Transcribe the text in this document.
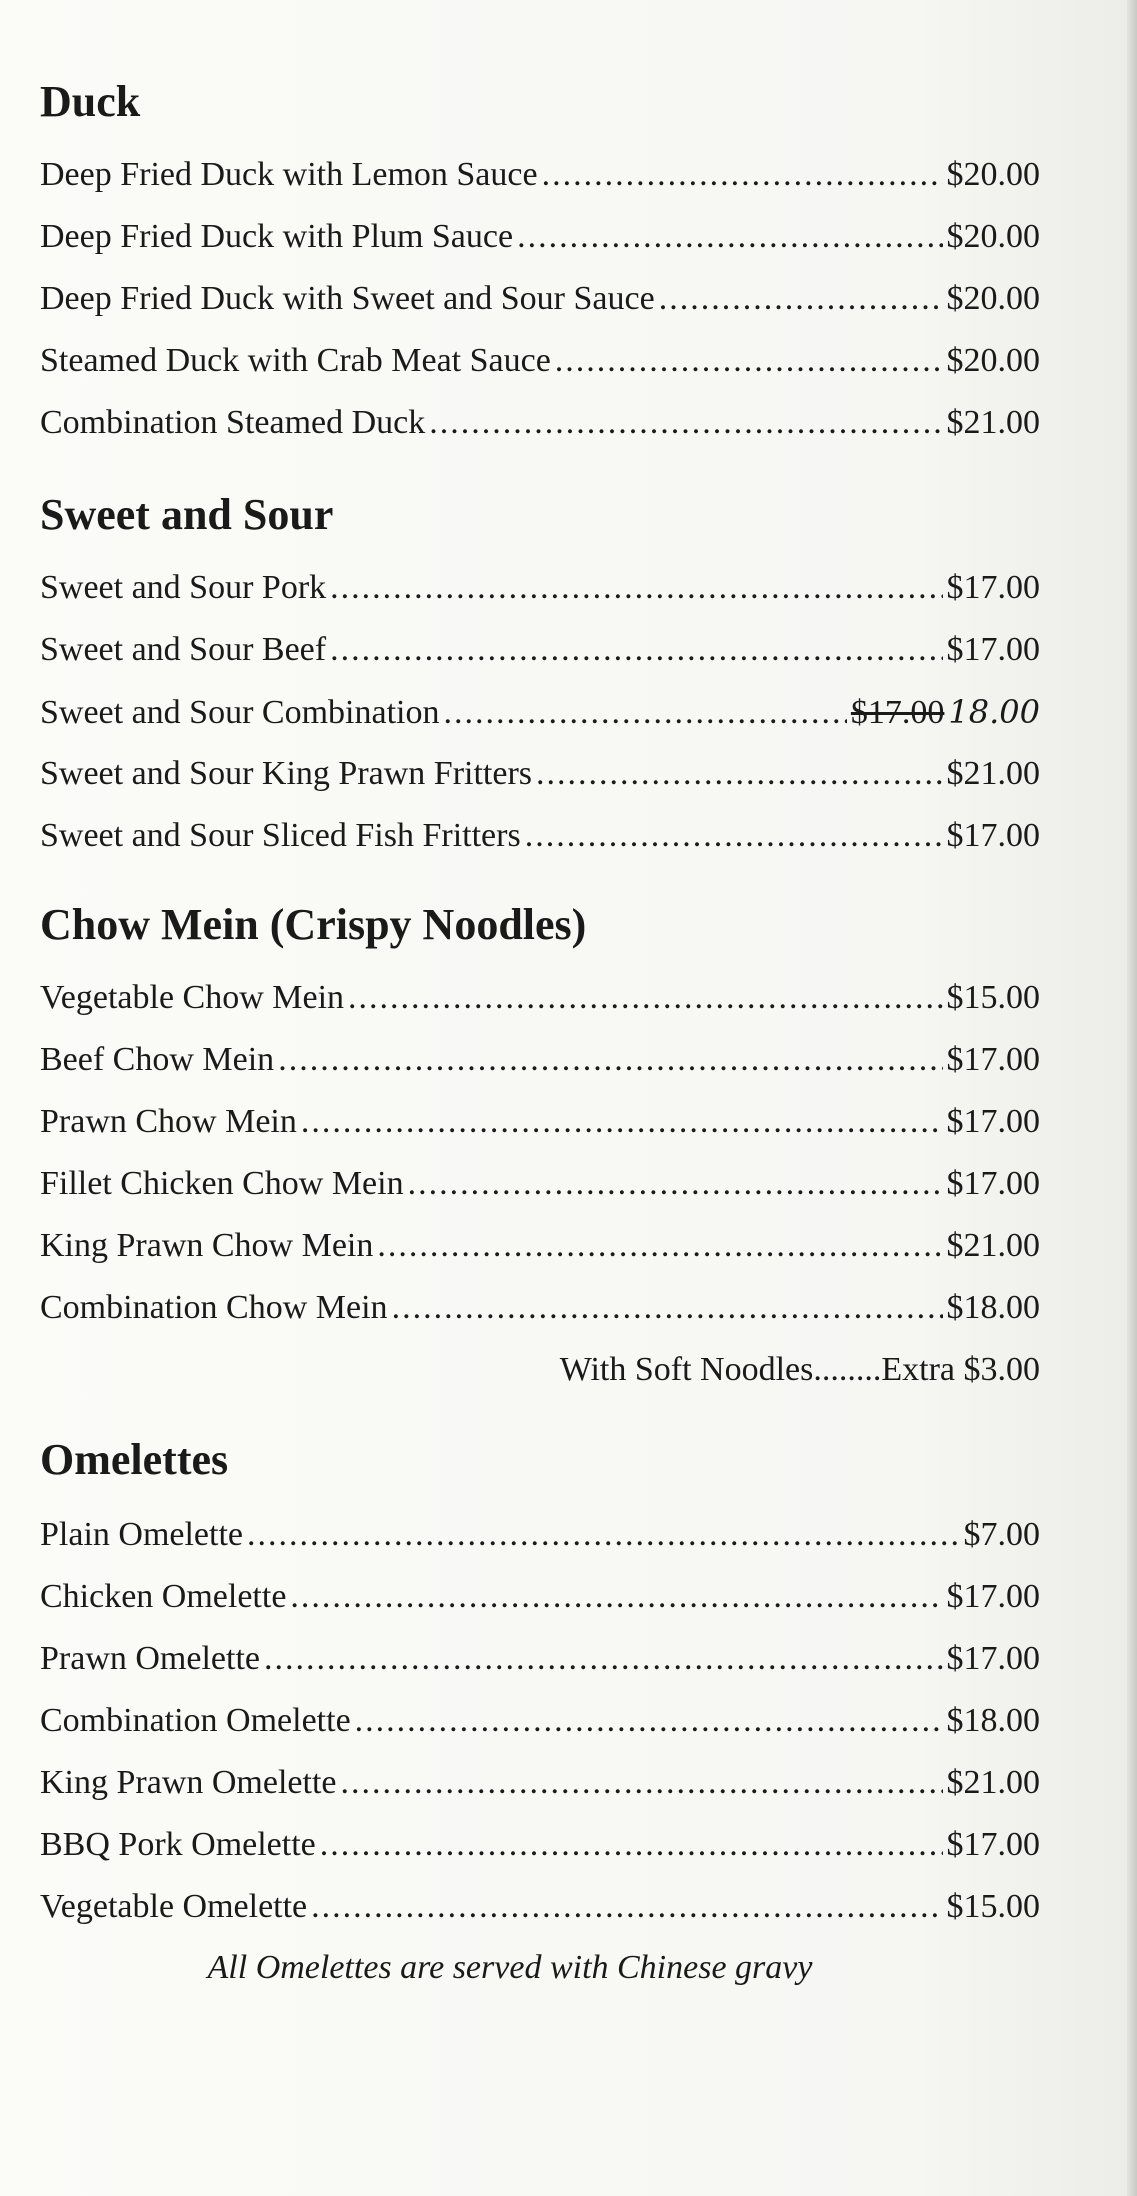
Duck
Deep Fried Duck with Lemon Sauce .....	$20.00
Deep Fried Duck with Plum Sauce .....	$20.00
Deep Fried Duck with Sweet and Sour Sauce .....	$20.00
Steamed Duck with Crab Meat Sauce .....	$20.00
Combination Steamed Duck .....	$21.00
Sweet and Sour
Sweet and Sour Pork .....	$17.00
Sweet and Sour Beef .....	$17.00
Sweet and Sour Combination .....	$17.00 18.00
Sweet and Sour King Prawn Fritters .....	$21.00
Sweet and Sour Sliced Fish Fritters .....	$17.00
Chow Mein (Crispy Noodles)
Vegetable Chow Mein .....	$15.00
Beef Chow Mein .....	$17.00
Prawn Chow Mein .....	$17.00
Fillet Chicken Chow Mein .....	$17.00
King Prawn Chow Mein .....	$21.00
Combination Chow Mein .....	$18.00
With Soft Noodles........Extra $3.00
Omelettes
Plain Omelette .....	$7.00
Chicken Omelette .....	$17.00
Prawn Omelette .....	$17.00
Combination Omelette .....	$18.00
King Prawn Omelette .....	$21.00
BBQ Pork Omelette .....	$17.00
Vegetable Omelette .....	$15.00
All Omelettes are served with Chinese gravy
